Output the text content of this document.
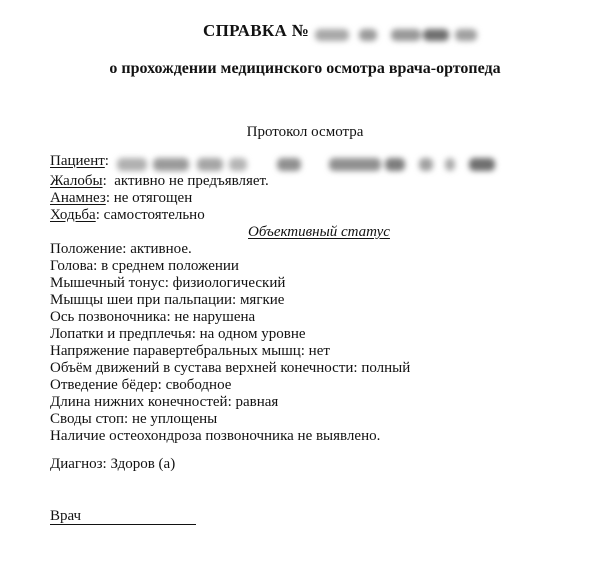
СПРАВКА №
о прохождении медицинского осмотра врача-ортопеда
Протокол осмотра
Пациент:
Жалобы:  активно не предъявляет.
Анамнез: не отягощен
Ходьба: самостоятельно
Объективный статус
Положение: активное.
Голова: в среднем положении
Мышечный тонус: физиологический
Мышцы шеи при пальпации: мягкие
Ось позвоночника: не нарушена
Лопатки и предплечья: на одном уровне
Напряжение паравертебральных мышц: нет
Объём движений в сустава верхней конечности: полный
Отведение бёдер: свободное
Длина нижних конечностей: равная
Своды стоп: не уплощены
Наличие остеохондроза позвоночника не выявлено.
Диагноз: Здоров (а)
Врач
